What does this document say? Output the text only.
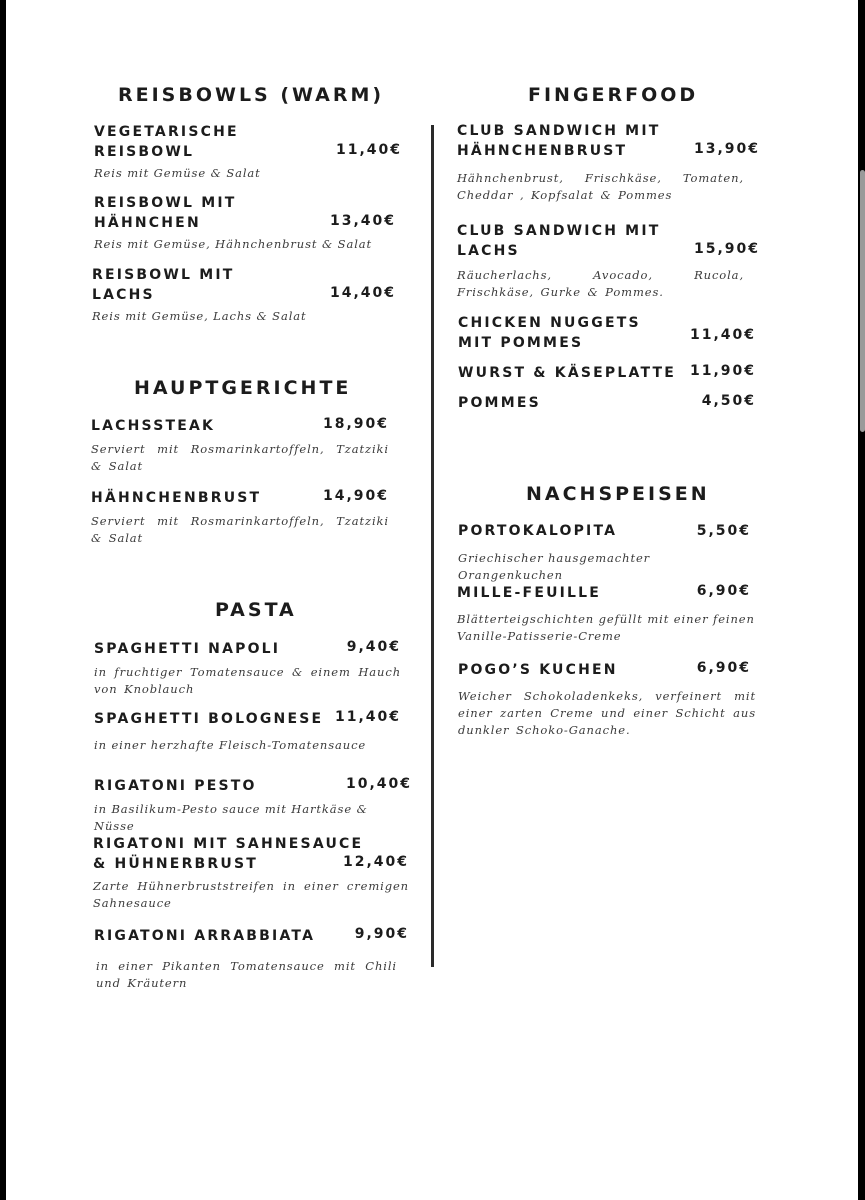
REISBOWLS (WARM)
VEGETARISCHE
REISBOWL	11,40€
Reis mit Gemüse & Salat
REISBOWL MIT
HÄHNCHEN	13,40€
Reis mit Gemüse, Hähnchenbrust & Salat
REISBOWL MIT
LACHS	14,40€
Reis mit Gemüse, Lachs & Salat
HAUPTGERICHTE
LACHSSTEAK	18,90€
Serviert mit Rosmarinkartoffeln, Tzatziki & Salat
HÄHNCHENBRUST	14,90€
Serviert mit Rosmarinkartoffeln, Tzatziki & Salat
PASTA
SPAGHETTI NAPOLI	9,40€
in fruchtiger Tomatensauce & einem Hauch von Knoblauch
SPAGHETTI BOLOGNESE 11,40€
in einer herzhafte Fleisch-Tomatensauce
RIGATONI PESTO	10,40€
in Basilikum-Pesto sauce mit Hartkäse & Nüsse
RIGATONI MIT SAHNESAUCE
& HÜHNERBRUST	12,40€
Zarte Hühnerbruststreifen in einer cremigen Sahnesauce
RIGATONI ARRABBIATA	9,90€
in einer Pikanten Tomatensauce mit Chili und Kräutern
FINGERFOOD
CLUB SANDWICH MIT
HÄHNCHENBRUST	13,90€
Hähnchenbrust, Frischkäse, Tomaten, Cheddar , Kopfsalat & Pommes
CLUB SANDWICH MIT
LACHS	15,90€
Räucherlachs, Avocado, Rucola, Frischkäse, Gurke & Pommes.
CHICKEN NUGGETS
MIT POMMES	11,40€
WURST & KÄSEPLATTE 11,90€
POMMES	4,50€
NACHSPEISEN
PORTOKALOPITA	5,50€
Griechischer hausgemachter Orangenkuchen
MILLE-FEUILLE	6,90€
Blätterteigschichten gefüllt mit einer feinen Vanille-Patisserie-Creme
POGO’S KUCHEN	6,90€
Weicher Schokoladenkeks, verfeinert mit einer zarten Creme und einer Schicht aus dunkler Schoko-Ganache.
